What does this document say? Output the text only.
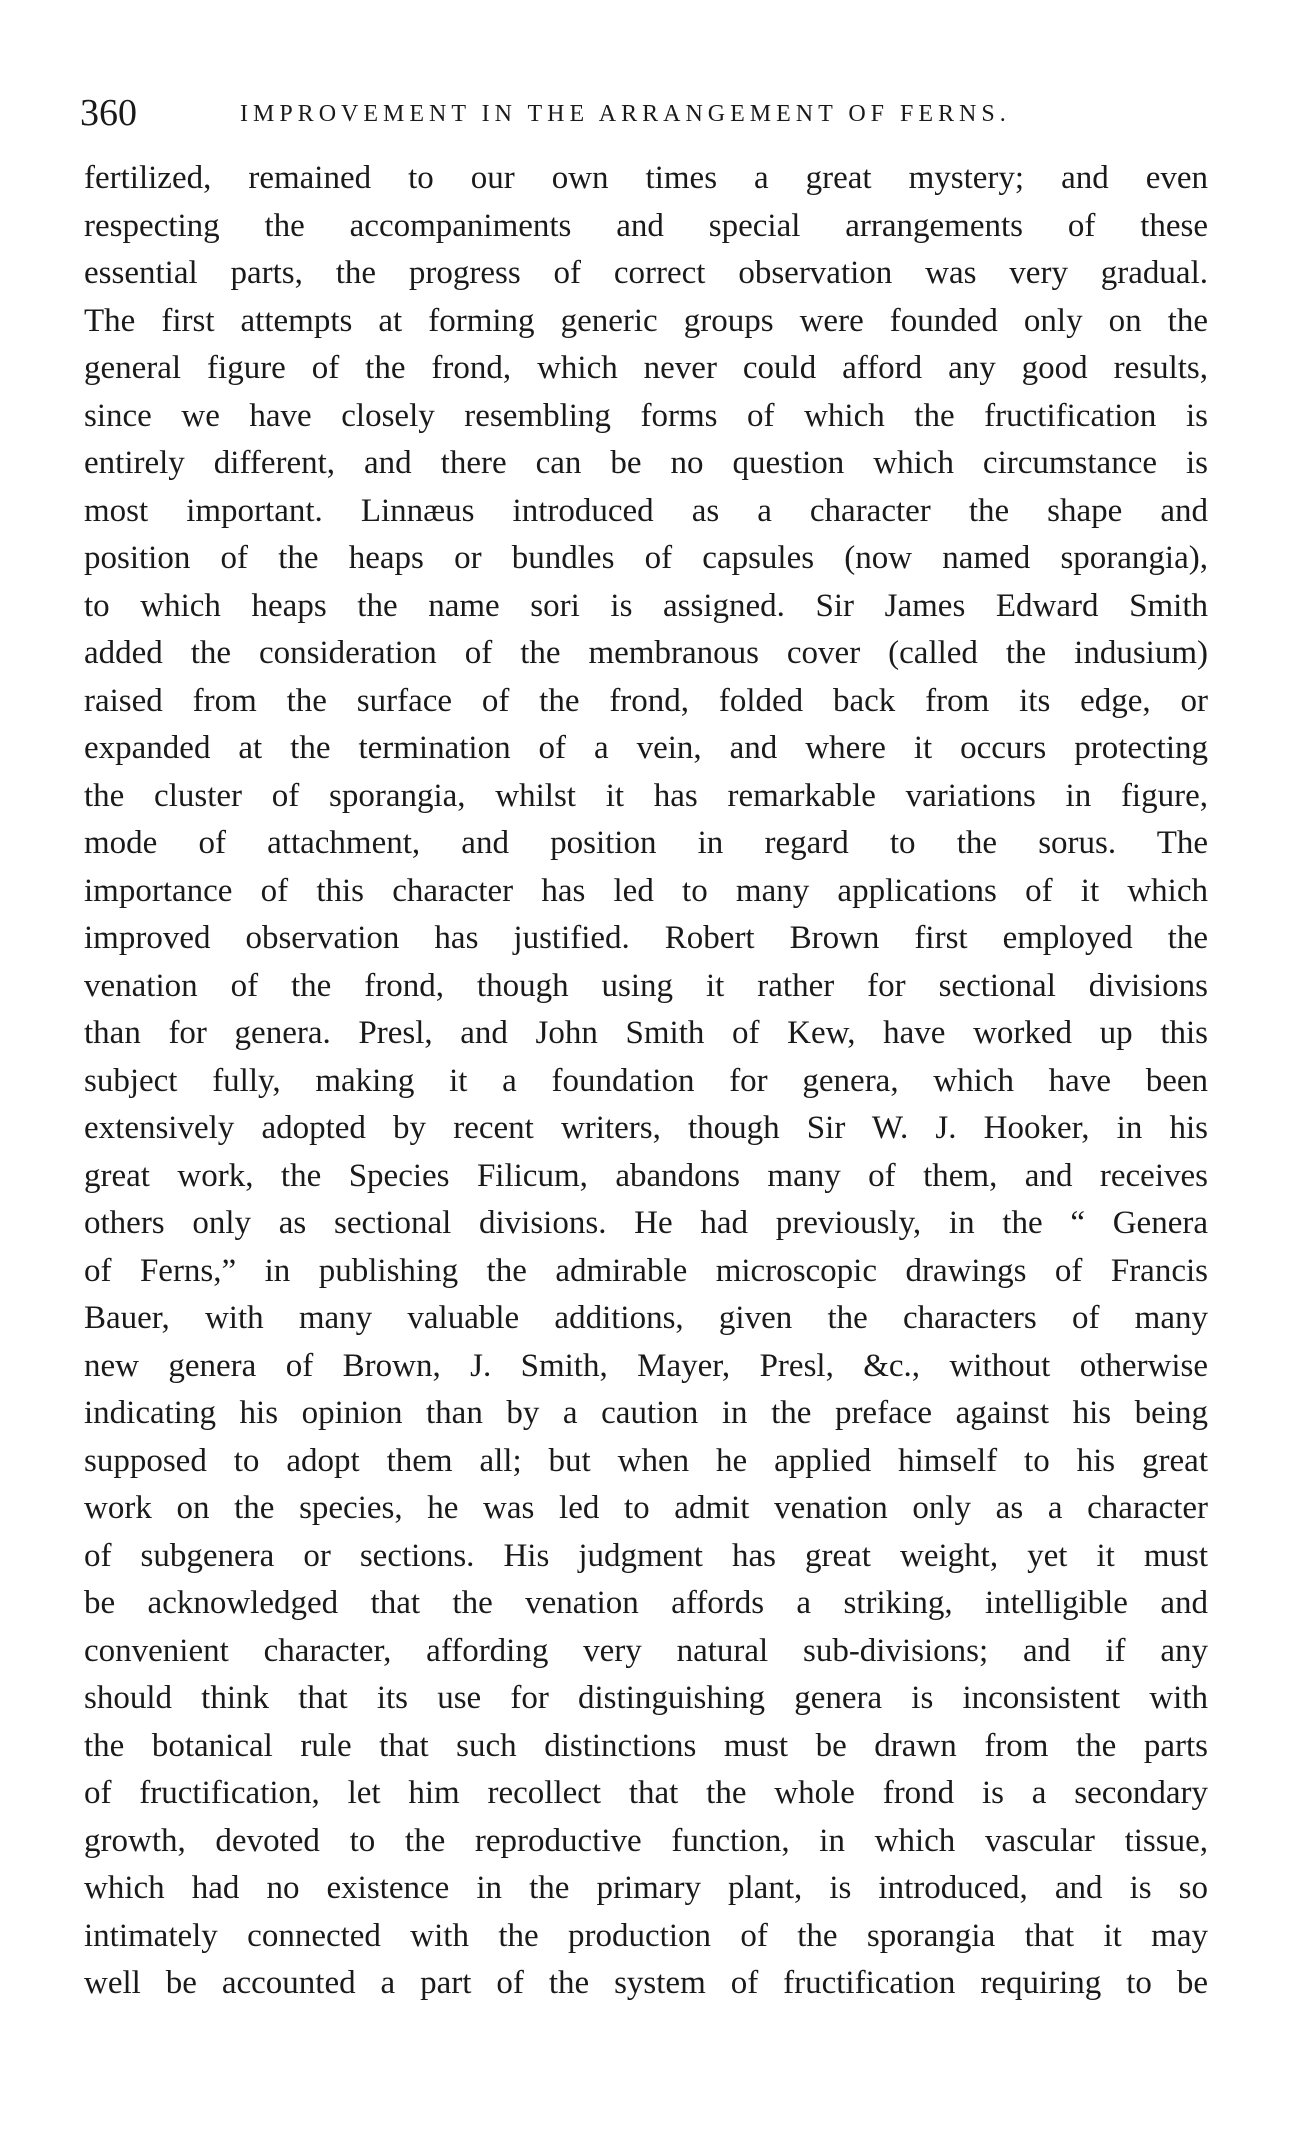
360	IMPROVEMENT IN THE ARRANGEMENT OF FERNS.
fertilized, remained to our own times a great mystery; and even
respecting the accompaniments and special arrangements of these
essential parts, the progress of correct observation was very gradual.
The first attempts at forming generic groups were founded only on the
general figure of the frond, which never could afford any good results,
since we have closely resembling forms of which the fructification is
entirely different, and there can be no question which circumstance is
most important. Linnæus introduced as a character the shape and
position of the heaps or bundles of capsules (now named sporangia),
to which heaps the name sori is assigned. Sir James Edward Smith
added the consideration of the membranous cover (called the indusium)
raised from the surface of the frond, folded back from its edge, or
expanded at the termination of a vein, and where it occurs protecting
the cluster of sporangia, whilst it has remarkable variations in figure,
mode of attachment, and position in regard to the sorus. The
importance of this character has led to many applications of it which
improved observation has justified. Robert Brown first employed the
venation of the frond, though using it rather for sectional divisions
than for genera. Presl, and John Smith of Kew, have worked up this
subject fully, making it a foundation for genera, which have been
extensively adopted by recent writers, though Sir W. J. Hooker, in his
great work, the Species Filicum, abandons many of them, and receives
others only as sectional divisions. He had previously, in the “ Genera
of Ferns,” in publishing the admirable microscopic drawings of Francis
Bauer, with many valuable additions, given the characters of many
new genera of Brown, J. Smith, Mayer, Presl, &c., without otherwise
indicating his opinion than by a caution in the preface against his being
supposed to adopt them all; but when he applied himself to his great
work on the species, he was led to admit venation only as a character
of subgenera or sections. His judgment has great weight, yet it must
be acknowledged that the venation affords a striking, intelligible and
convenient character, affording very natural sub-divisions; and if any
should think that its use for distinguishing genera is inconsistent with
the botanical rule that such distinctions must be drawn from the parts
of fructification, let him recollect that the whole frond is a secondary
growth, devoted to the reproductive function, in which vascular tissue,
which had no existence in the primary plant, is introduced, and is so
intimately connected with the production of the sporangia that it may
well be accounted a part of the system of fructification requiring to be
